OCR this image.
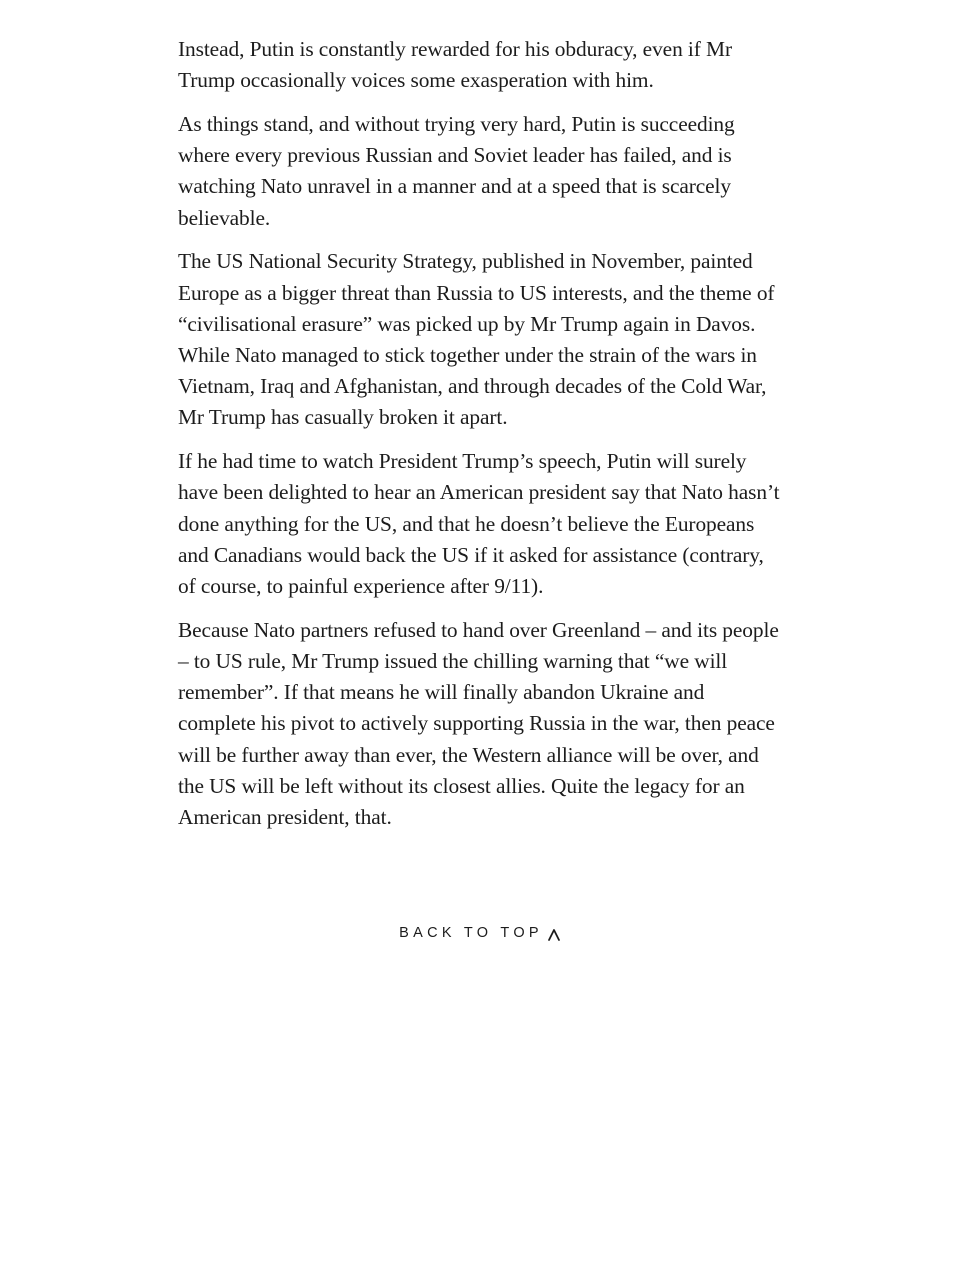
Instead, Putin is constantly rewarded for his obduracy, even if Mr Trump occasionally voices some exasperation with him.

As things stand, and without trying very hard, Putin is succeeding where every previous Russian and Soviet leader has failed, and is watching Nato unravel in a manner and at a speed that is scarcely believable.

The US National Security Strategy, published in November, painted Europe as a bigger threat than Russia to US interests, and the theme of “civilisational erasure” was picked up by Mr Trump again in Davos. While Nato managed to stick together under the strain of the wars in Vietnam, Iraq and Afghanistan, and through decades of the Cold War, Mr Trump has casually broken it apart.

If he had time to watch President Trump’s speech, Putin will surely have been delighted to hear an American president say that Nato hasn’t done anything for the US, and that he doesn’t believe the Europeans and Canadians would back the US if it asked for assistance (contrary, of course, to painful experience after 9/11).

Because Nato partners refused to hand over Greenland – and its people – to US rule, Mr Trump issued the chilling warning that “we will remember”. If that means he will finally abandon Ukraine and complete his pivot to actively supporting Russia in the war, then peace will be further away than ever, the Western alliance will be over, and the US will be left without its closest allies. Quite the legacy for an American president, that.

BACK TO TOP
